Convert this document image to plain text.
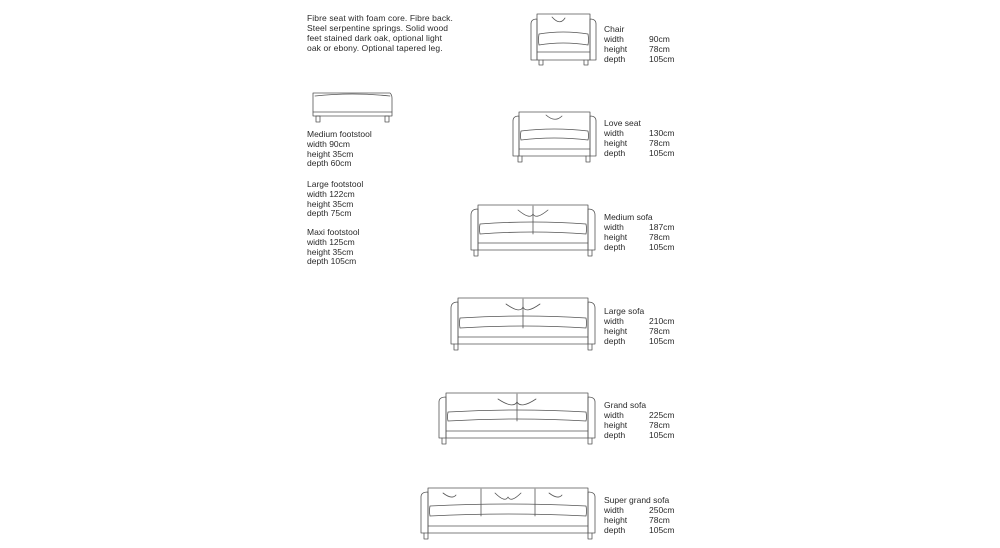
Fibre seat with foam core. Fibre back. Steel serpentine springs. Solid wood feet stained dark oak, optional light oak or ebony. Optional tapered leg.
Medium footstool
width 90cm
height 35cm
depth 60cm
Large footstool
width 122cm
height 35cm
depth 75cm
Maxi footstool
width 125cm
height 35cm
depth 105cm
Chair
width	90cm
height	78cm
depth	105cm
Love seat
width	130cm
height	78cm
depth	105cm
Medium sofa
width	187cm
height	78cm
depth	105cm
Large sofa
width	210cm
height	78cm
depth	105cm
Grand sofa
width	225cm
height	78cm
depth	105cm
Super grand sofa
width	250cm
height	78cm
depth	105cm
